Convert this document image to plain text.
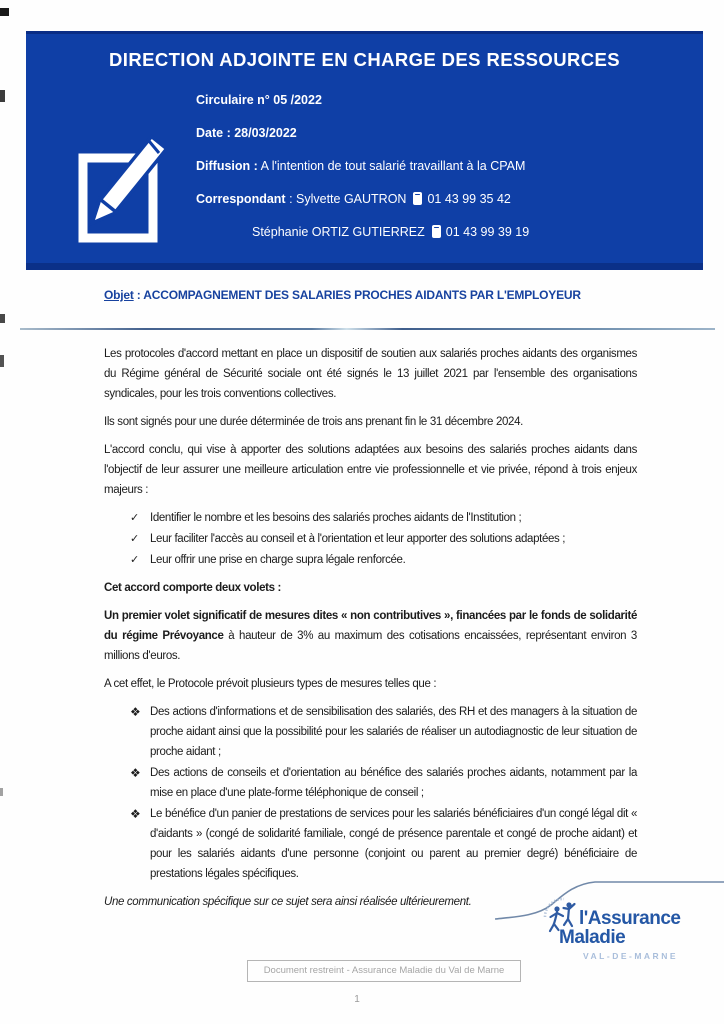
DIRECTION ADJOINTE EN CHARGE DES RESSOURCES
Circulaire n° 05 /2022
Date : 28/03/2022
Diffusion : A l'intention de tout salarié travaillant à la CPAM
Correspondant : Sylvette GAUTRON 01 43 99 35 42
Stéphanie ORTIZ GUTIERREZ 01 43 99 39 19
Objet : ACCOMPAGNEMENT DES SALARIES PROCHES AIDANTS PAR L'EMPLOYEUR

Les protocoles d'accord mettant en place un dispositif de soutien aux salariés proches aidants des organismes du Régime général de Sécurité sociale ont été signés le 13 juillet 2021 par l'ensemble des organisations syndicales, pour les trois conventions collectives.

Ils sont signés pour une durée déterminée de trois ans prenant fin le 31 décembre 2024.

L'accord conclu, qui vise à apporter des solutions adaptées aux besoins des salariés proches aidants dans l'objectif de leur assurer une meilleure articulation entre vie professionnelle et vie privée, répond à trois enjeux majeurs :

✓ Identifier le nombre et les besoins des salariés proches aidants de l'Institution ;
✓ Leur faciliter l'accès au conseil et à l'orientation et leur apporter des solutions adaptées ;
✓ Leur offrir une prise en charge supra légale renforcée.

Cet accord comporte deux volets :

Un premier volet significatif de mesures dites « non contributives », financées par le fonds de solidarité du régime Prévoyance à hauteur de 3% au maximum des cotisations encaissées, représentant environ 3 millions d'euros.

A cet effet, le Protocole prévoit plusieurs types de mesures telles que :

❖ Des actions d'informations et de sensibilisation des salariés, des RH et des managers à la situation de proche aidant ainsi que la possibilité pour les salariés de réaliser un autodiagnostic de leur situation de proche aidant ;
❖ Des actions de conseils et d'orientation au bénéfice des salariés proches aidants, notamment par la mise en place d'une plate-forme téléphonique de conseil ;
❖ Le bénéfice d'un panier de prestations de services pour les salariés bénéficiaires d'un congé légal dit « d'aidants » (congé de solidarité familiale, congé de présence parentale et congé de proche aidant) et pour les salariés aidants d'une personne (conjoint ou parent au premier degré) bénéficiaire de prestations légales spécifiques.

Une communication spécifique sur ce sujet sera ainsi réalisée ultérieurement.

l'Assurance
Maladie
VAL-DE-MARNE
Document restreint - Assurance Maladie du Val de Marne
1
